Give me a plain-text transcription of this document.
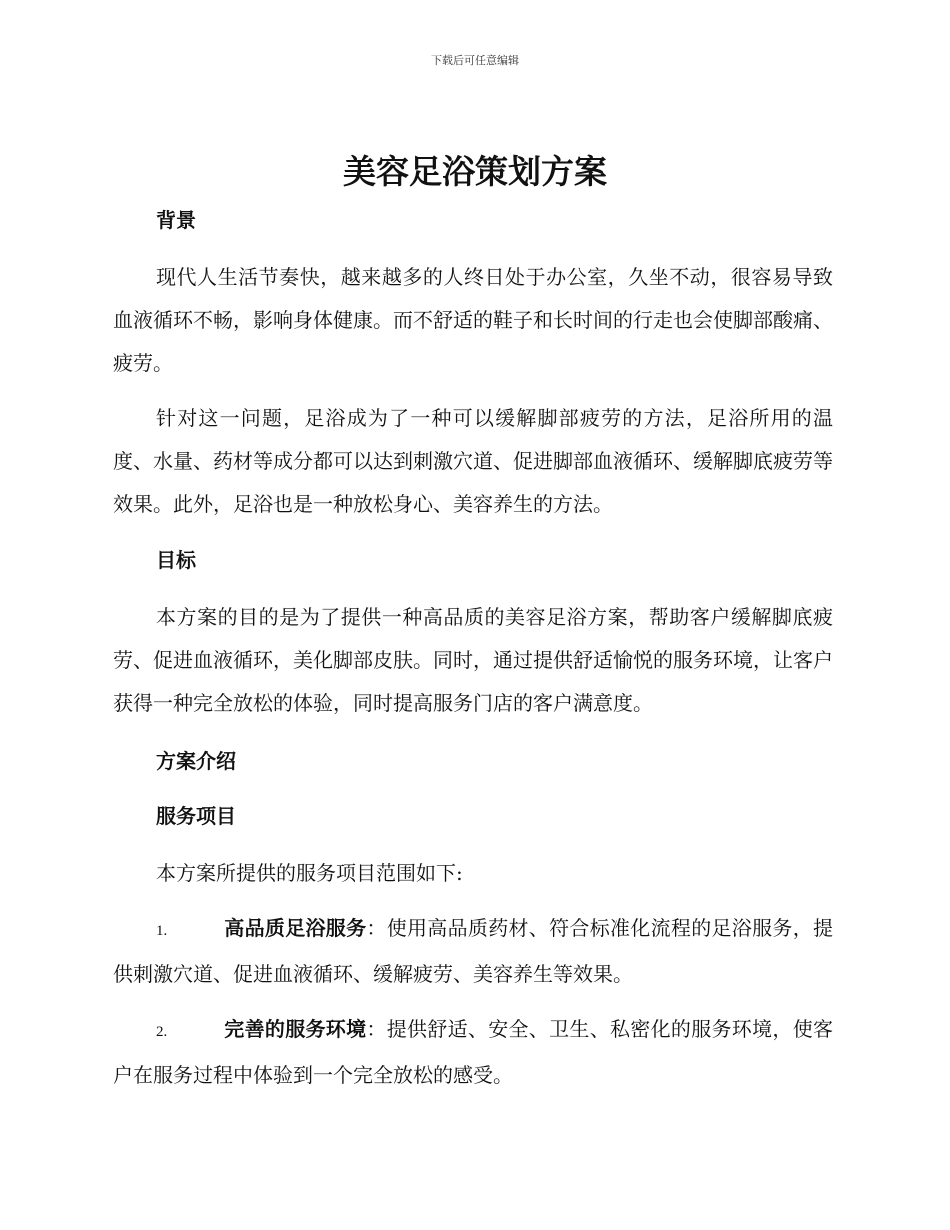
下载后可任意编辑
美容足浴策划方案

背景

现代人生活节奏快，越来越多的人终日处于办公室，久坐不动，很容易导致血液循环不畅，影响身体健康。而不舒适的鞋子和长时间的行走也会使脚部酸痛、疲劳。

针对这一问题，足浴成为了一种可以缓解脚部疲劳的方法，足浴所用的温度、水量、药材等成分都可以达到刺激穴道、促进脚部血液循环、缓解脚底疲劳等效果。此外，足浴也是一种放松身心、美容养生的方法。

目标

本方案的目的是为了提供一种高品质的美容足浴方案，帮助客户缓解脚底疲劳、促进血液循环，美化脚部皮肤。同时，通过提供舒适愉悦的服务环境，让客户获得一种完全放松的体验，同时提高服务门店的客户满意度。

方案介绍

服务项目

本方案所提供的服务项目范围如下:

1.	高品质足浴服务：使用高品质药材、符合标准化流程的足浴服务，提供刺激穴道、促进血液循环、缓解疲劳、美容养生等效果。

2.	完善的服务环境：提供舒适、安全、卫生、私密化的服务环境，使客户在服务过程中体验到一个完全放松的感受。
